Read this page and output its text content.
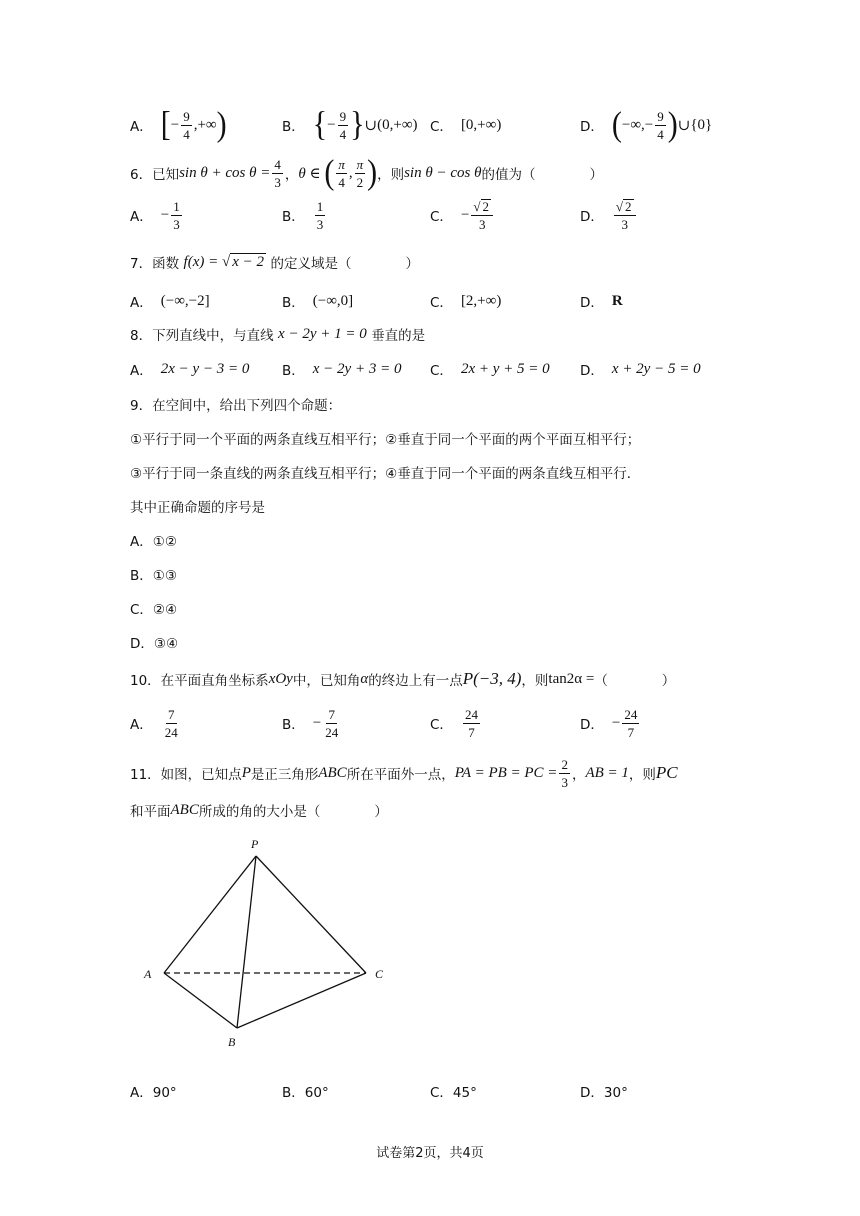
A． [ − $\frac{9}{4}$ ,+∞ )	B． { − $\frac{9}{4}$ } ∪ (0,+∞) C． [0,+∞)	D． ( −∞,− $\frac{9}{4}$ ) ∪ {0}
6．已知 $\sin \theta + \cos \theta = \frac{4}{3}$ ， θ ∈
( $\frac{\pi}{4}$ , $\frac{\pi}{2}$ ) ，则 sin θ − cos θ 的值为（　　　　）
A． − $\frac{1}{3}$	B． $\frac{1}{3}$	C． − $\frac{√ 2}{3}$	D． $\frac{√ 2}{3}$
7．函数
f(x) =
√ x − 2
的定义域是（　　　　）
A． (−∞,−2]	B． (−∞,0]	C． [2,+∞)	D． R
8．下列直线中，与直线
x − 2y + 1 = 0
垂直的是
A． 2x − y − 3 = 0 B． x − 2y + 3 = 0 C． 2x + y + 5 = 0 D． x + 2y − 5 = 0
9．在空间中，给出下列四个命题：
①平行于同一个平面的两条直线互相平行；②垂直于同一个平面的两个平面互相平行；
③平行于同一条直线的两条直线互相平行；④垂直于同一个平面的两条直线互相平行．
其中正确命题的序号是
A．①②
B．①③
C．②④
D．③④
10．在平面直角坐标系 xOy 中，已知角 α 的终边上有一点 P(−3, 4) ，则 tan2α = （　　　　）
A． $\frac{7}{24}$	B． − $\frac{7}{24}$	C． $\frac{24}{7}$	D． − $\frac{24}{7}$
11．如图，已知点 P 是正三角形 ABC 所在平面外一点， PA = PB = PC = $\frac{2}{3}$ ， AB = 1 ，则 PC
和平面 ABC 所成的角的大小是（　　　　）
P
A
B
C
A．90°	B．60°	C．45°	D．30°
试卷第2页，共4页
